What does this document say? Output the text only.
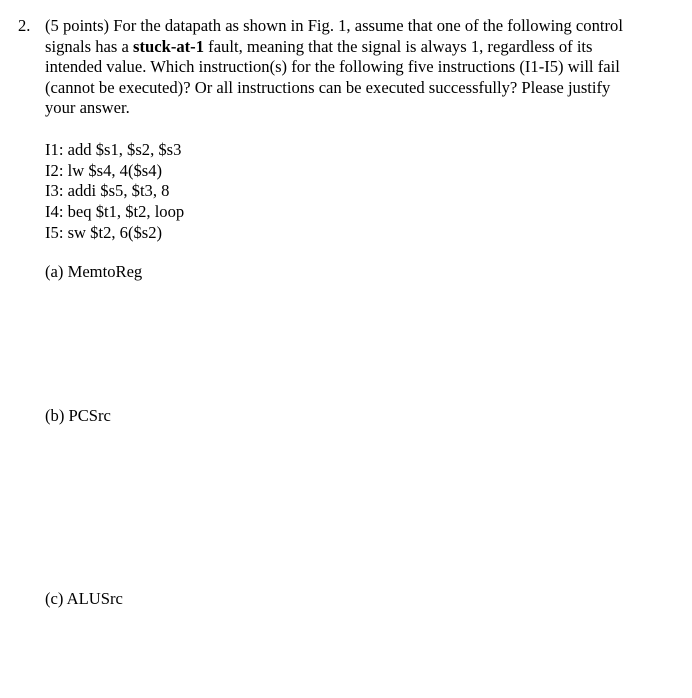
2. (5 points) For the datapath as shown in Fig. 1, assume that one of the following control
signals has a stuck-at-1 fault, meaning that the signal is always 1, regardless of its
intended value. Which instruction(s) for the following five instructions (I1-I5) will fail
(cannot be executed)? Or all instructions can be executed successfully? Please justify
your answer.
I1: add $s1, $s2, $s3
I2: lw $s4, 4($s4)
I3: addi $s5, $t3, 8
I4: beq $t1, $t2, loop
I5: sw $t2, 6($s2)
(a) MemtoReg
(b) PCSrc
(c) ALUSrc
